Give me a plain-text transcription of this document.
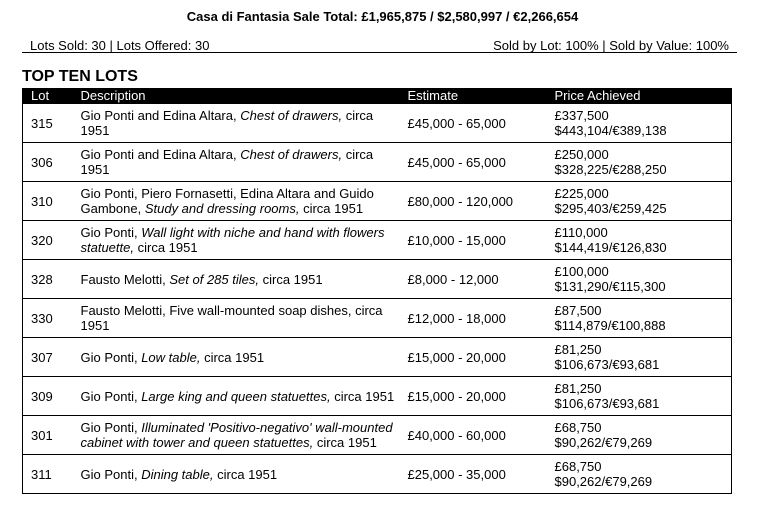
Casa di Fantasia Sale Total: £1,965,875 / $2,580,997 / €2,266,654
Lots Sold: 30 | Lots Offered: 30	Sold by Lot: 100% | Sold by Value: 100%
TOP TEN LOTS
Lot	Description	Estimate	Price Achieved
315	Gio Ponti and Edina Altara, Chest of drawers, circa 1951	£45,000 - 65,000	£337,500
$443,104/€389,138

306	Gio Ponti and Edina Altara, Chest of drawers, circa 1951	£45,000 - 65,000	£250,000
$328,225/€288,250

310	Gio Ponti, Piero Fornasetti, Edina Altara and Guido Gambone, Study and dressing rooms, circa 1951	£80,000 - 120,000	£225,000
$295,403/€259,425

320	Gio Ponti, Wall light with niche and hand with flowers statuette, circa 1951	£10,000 - 15,000	£110,000
$144,419/€126,830

328	Fausto Melotti, Set of 285 tiles, circa 1951	£8,000 - 12,000	£100,000
$131,290/€115,300

330	Fausto Melotti, Five wall-mounted soap dishes, circa 1951	£12,000 - 18,000	£87,500
$114,879/€100,888

307	Gio Ponti, Low table, circa 1951	£15,000 - 20,000	£81,250
$106,673/€93,681

309	Gio Ponti, Large king and queen statuettes, circa 1951	£15,000 - 20,000	£81,250
$106,673/€93,681

301	Gio Ponti, Illuminated 'Positivo-negativo' wall-mounted cabinet with tower and queen statuettes, circa 1951	£40,000 - 60,000	£68,750
$90,262/€79,269

311	Gio Ponti, Dining table, circa 1951	£25,000 - 35,000	£68,750
$90,262/€79,269
